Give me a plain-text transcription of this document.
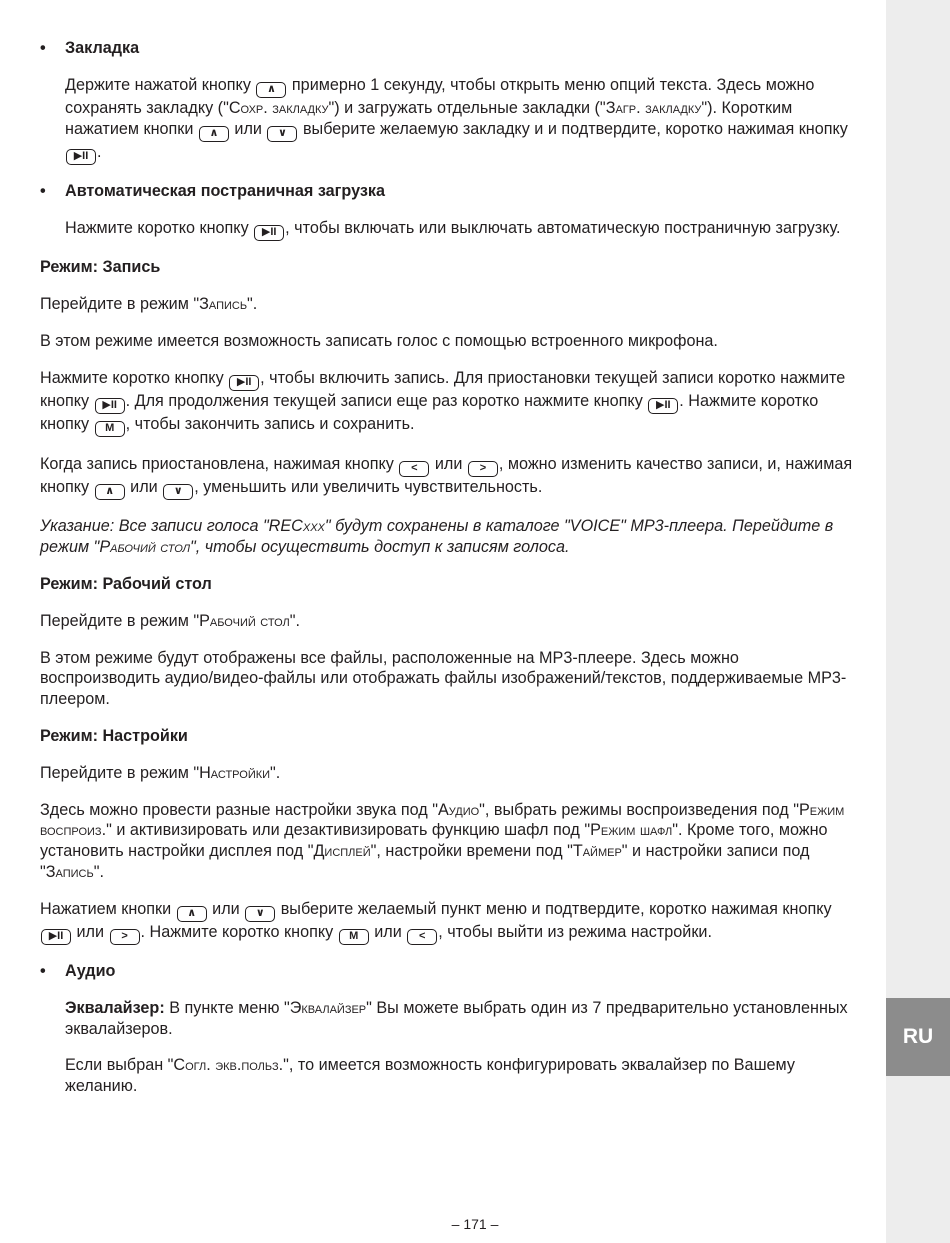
RU

• Закладка

Держите нажатой кнопку ∧ примерно 1 секунду, чтобы открыть меню опций текста. Здесь можно сохранять закладку ("Сохр. закладку") и загружать отдельные закладки ("Загр. закладку"). Коротким нажатием кнопки ∧ или ∨ выберите желаемую закладку и и подтвердите, коротко нажимая кнопку ▶II .

• Автоматическая постраничная загрузка

Нажмите коротко кнопку ▶II , чтобы включать или выключать автоматическую постраничную загрузку.

Режим: Запись

Перейдите в режим "Запись".

В этом режиме имеется возможность записать голос с помощью встроенного микрофона.

Нажмите коротко кнопку ▶II , чтобы включить запись. Для приостановки текущей записи коротко нажмите кнопку ▶II . Для продолжения текущей записи еще раз коротко нажмите кнопку ▶II . Нажмите коротко кнопку M , чтобы закончить запись и сохранить.

Когда запись приостановлена, нажимая кнопку < или > , можно изменить качество записи, и, нажимая кнопку ∧ или ∨ , уменьшить или увеличить чувствительность.

Указание: Все записи голоса "RECxxx" будут сохранены в каталоге "VOICE" MP3-плеера. Перейдите в режим "Рабочий стол", чтобы осуществить доступ к записям голоса.

Режим: Рабочий стол

Перейдите в режим "Рабочий стол".

В этом режиме будут отображены все файлы, расположенные на MP3-плеере. Здесь можно воспроизводить аудио/видео-файлы или отображать файлы изображений/текстов, поддерживаемые MP3-плеером.

Режим: Настройки

Перейдите в режим "Настройки".

Здесь можно провести разные настройки звука под "Аудио", выбрать режимы воспроизведения под "Режим воспроиз." и активизировать или дезактивизировать функцию шафл под "Режим шафл". Кроме того, можно установить настройки дисплея под "Дисплей", настройки времени под "Таймер" и настройки записи под "Запись".

Нажатием кнопки ∧ или ∨ выберите желаемый пункт меню и подтвердите, коротко нажимая кнопку ▶II или > . Нажмите коротко кнопку M или < , чтобы выйти из режима настройки.

• Аудио

Эквалайзер: В пункте меню "Эквалайзер" Вы можете выбрать один из 7 предварительно установленных эквалайзеров.

Если выбран "Согл. экв.польз.", то имеется возможность конфигурировать эквалайзер по Вашему желанию.

– 171 –
